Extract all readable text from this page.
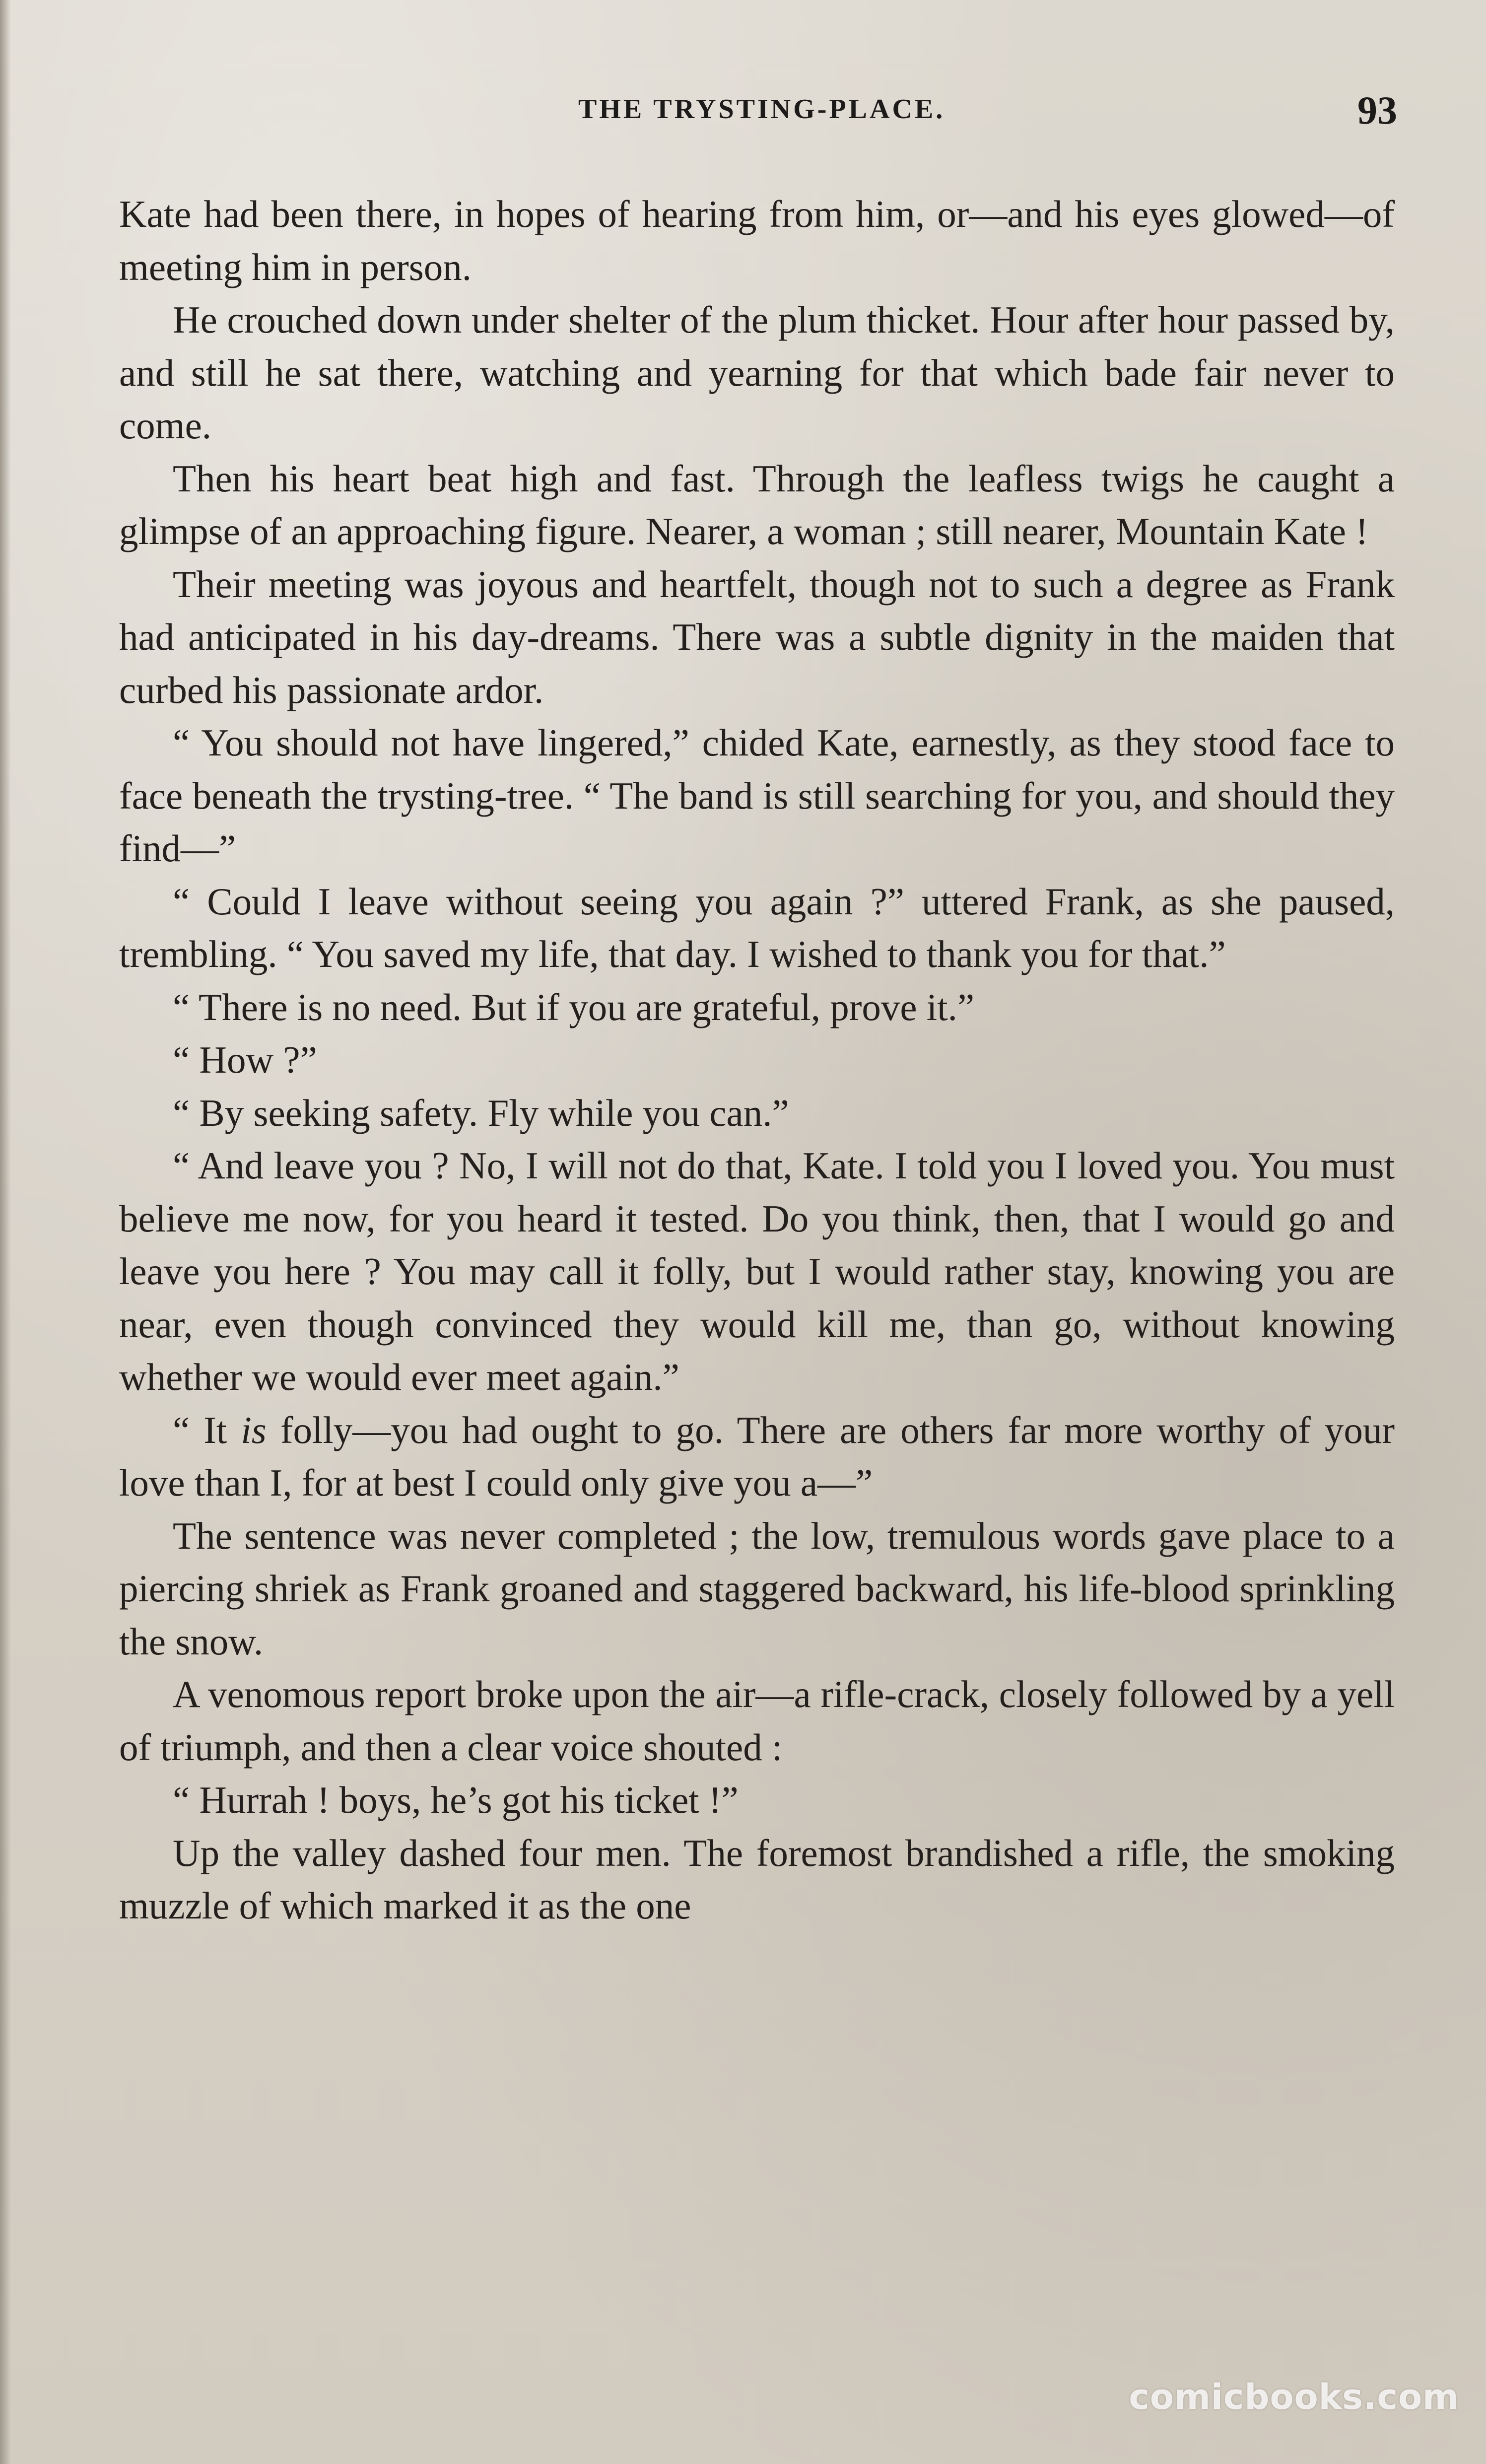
THE TRYSTING-PLACE.	93

Kate had been there, in hopes of hearing from him, or—and his eyes glowed—of meeting him in person.

He crouched down under shelter of the plum thicket. Hour after hour passed by, and still he sat there, watching and yearning for that which bade fair never to come.

Then his heart beat high and fast. Through the leafless twigs he caught a glimpse of an approaching figure. Nearer, a woman ; still nearer, Mountain Kate !

Their meeting was joyous and heartfelt, though not to such a degree as Frank had anticipated in his day-dreams. There was a subtle dignity in the maiden that curbed his passionate ardor.

“ You should not have lingered,” chided Kate, earnestly, as they stood face to face beneath the trysting-tree. “ The band is still searching for you, and should they find—”

“ Could I leave without seeing you again ?” uttered Frank, as she paused, trembling. “ You saved my life, that day. I wished to thank you for that.”

“ There is no need. But if you are grateful, prove it.”

“ How ?”

“ By seeking safety. Fly while you can.”

“ And leave you ? No, I will not do that, Kate. I told you I loved you. You must believe me now, for you heard it tested. Do you think, then, that I would go and leave you here ? You may call it folly, but I would rather stay, knowing you are near, even though convinced they would kill me, than go, without knowing whether we would ever meet again.”

“ It is folly—you had ought to go. There are others far more worthy of your love than I, for at best I could only give you a—”

The sentence was never completed ; the low, tremulous words gave place to a piercing shriek as Frank groaned and staggered backward, his life-blood sprinkling the snow.

A venomous report broke upon the air—a rifle-crack, closely followed by a yell of triumph, and then a clear voice shouted :

“ Hurrah ! boys, he’s got his ticket !”

Up the valley dashed four men. The foremost brandished a rifle, the smoking muzzle of which marked it as the one

comicbooks.com
